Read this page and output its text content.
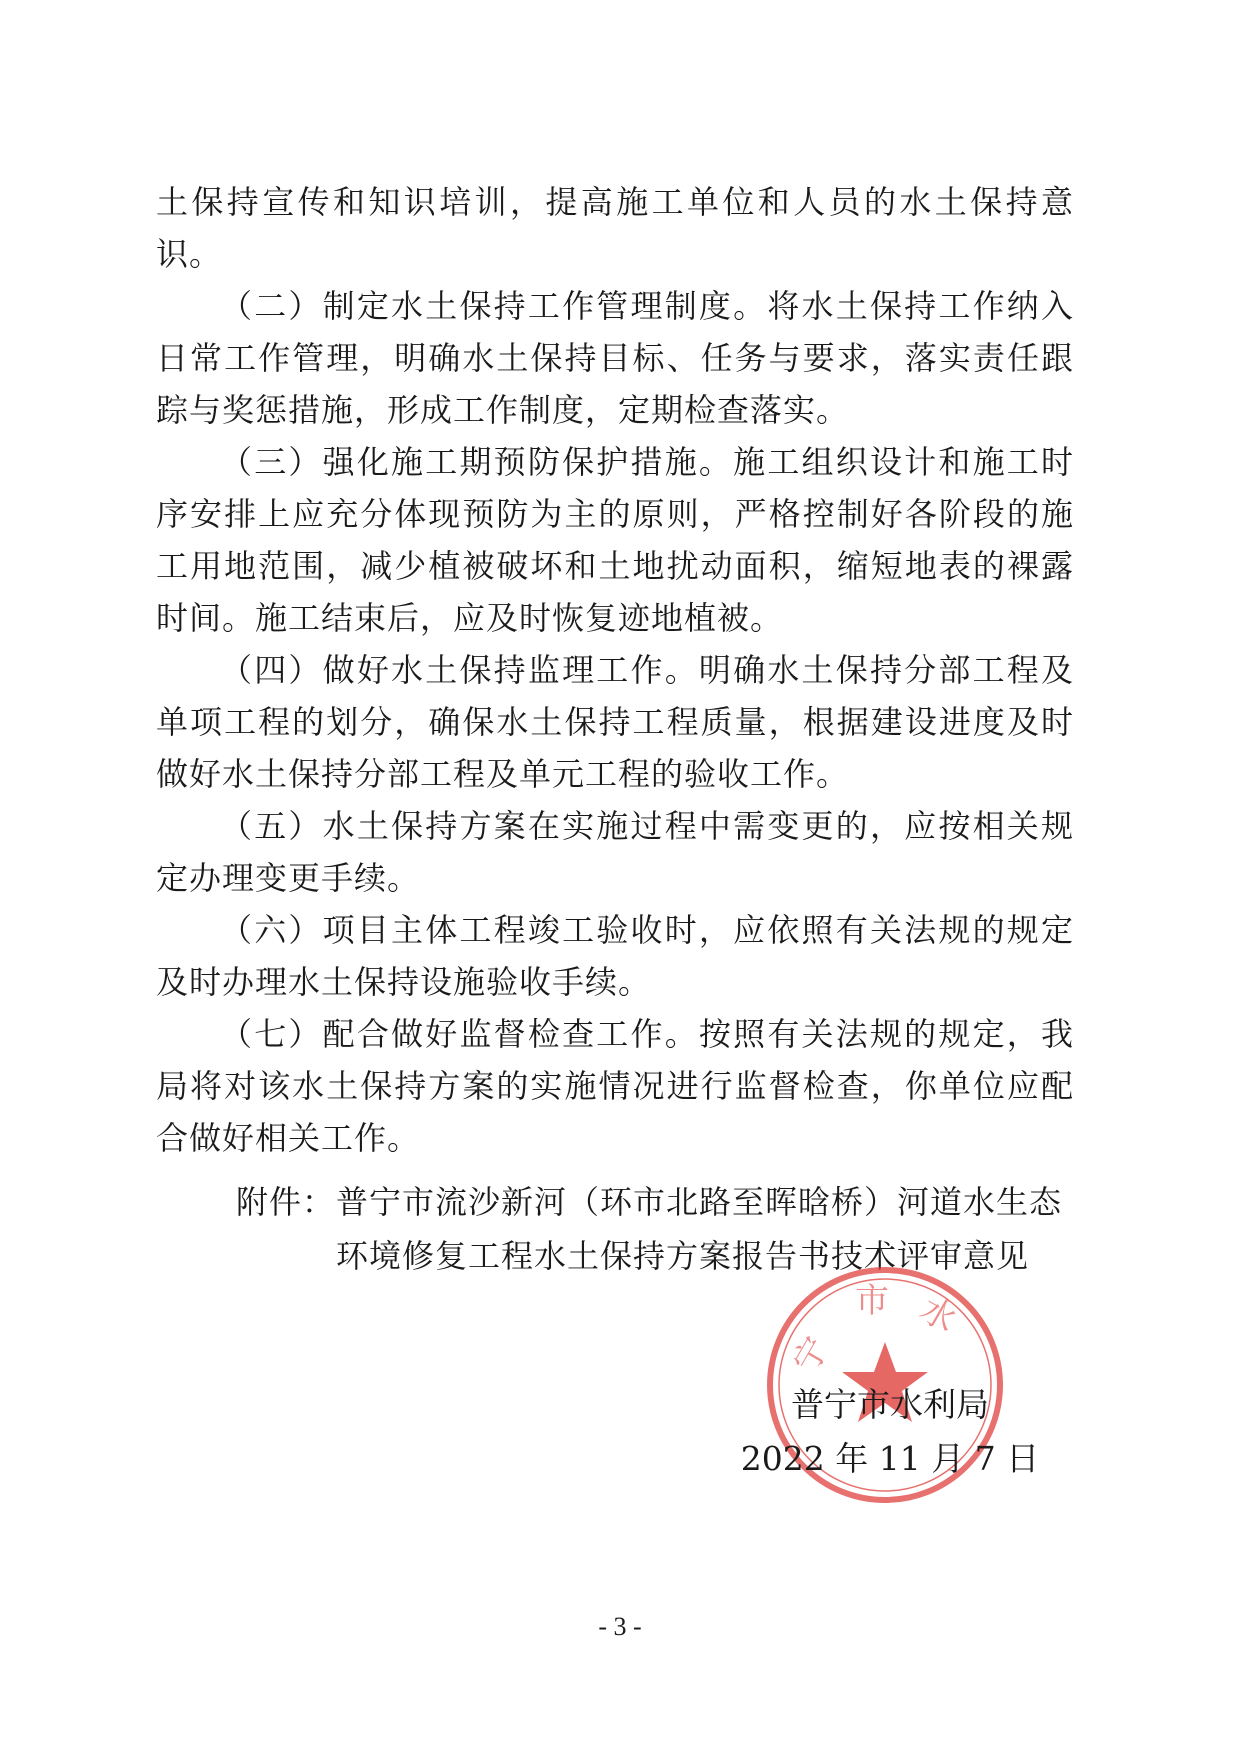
土保持宣传和知识培训，提高施工单位和人员的水土保持意识。

（二）制定水土保持工作管理制度。将水土保持工作纳入日常工作管理，明确水土保持目标、任务与要求，落实责任跟踪与奖惩措施，形成工作制度，定期检查落实。

（三）强化施工期预防保护措施。施工组织设计和施工时序安排上应充分体现预防为主的原则，严格控制好各阶段的施工用地范围，减少植被破坏和土地扰动面积，缩短地表的裸露时间。施工结束后，应及时恢复迹地植被。

（四）做好水土保持监理工作。明确水土保持分部工程及单项工程的划分，确保水土保持工程质量，根据建设进度及时做好水土保持分部工程及单元工程的验收工作。

（五）水土保持方案在实施过程中需变更的，应按相关规定办理变更手续。

（六）项目主体工程竣工验收时，应依照有关法规的规定及时办理水土保持设施验收手续。

（七）配合做好监督检查工作。按照有关法规的规定，我局将对该水土保持方案的实施情况进行监督检查，你单位应配合做好相关工作。

附件： 普宁市流沙新河（环市北路至晖晗桥）河道水生态
环境修复工程水土保持方案报告书技术评审意见
宁
市 水
普宁市水利局
2022 年 11 月 7 日
- 3 -
